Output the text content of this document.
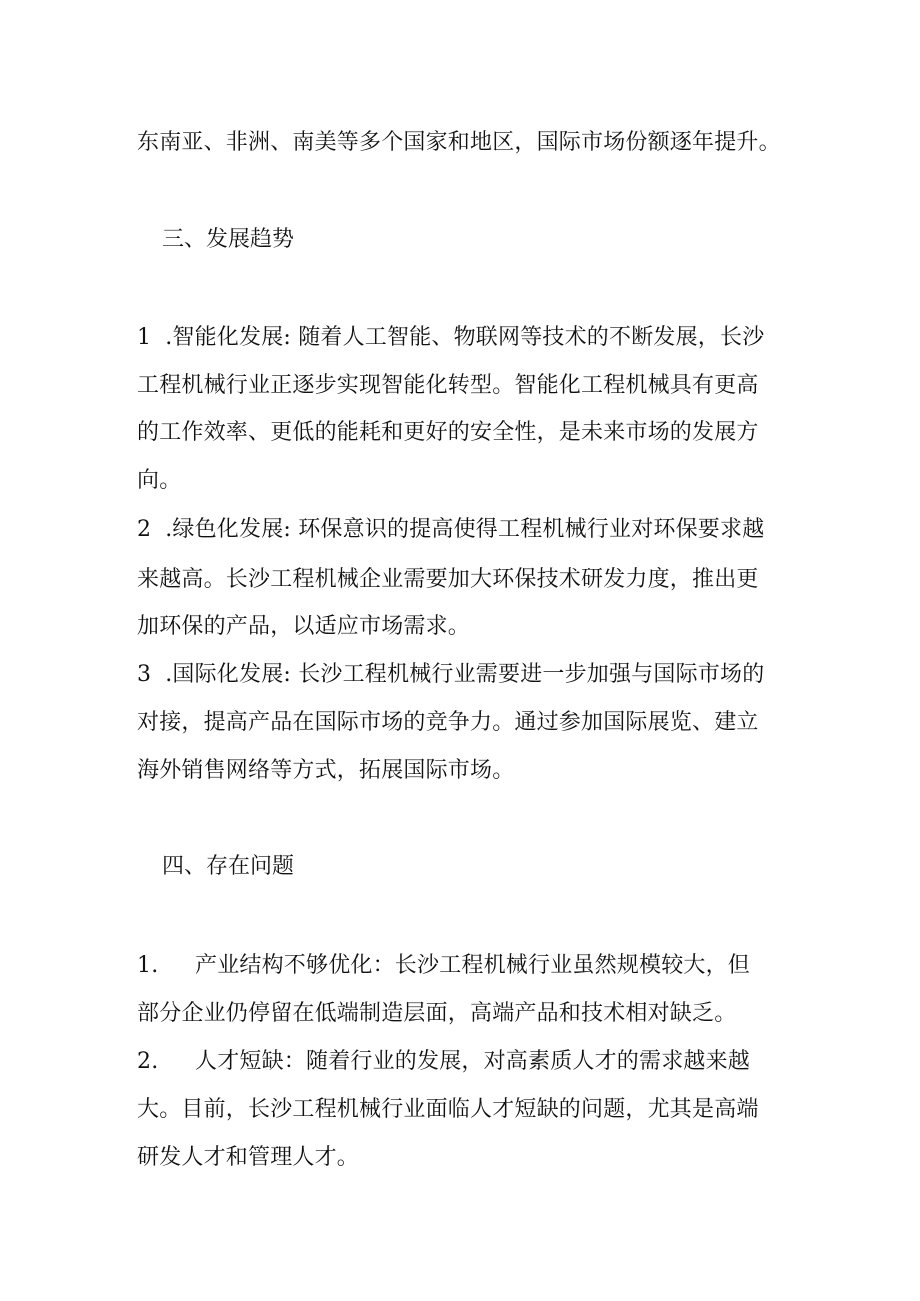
东南亚、非洲、南美等多个国家和地区，国际市场份额逐年提升。
三、发展趋势
1 .智能化发展: 随着人工智能、物联网等技术的不断发展，长沙
工程机械行业正逐步实现智能化转型。智能化工程机械具有更高
的工作效率、更低的能耗和更好的安全性，是未来市场的发展方
向。
2 .绿色化发展: 环保意识的提高使得工程机械行业对环保要求越
来越高。长沙工程机械企业需要加大环保技术研发力度，推出更
加环保的产品，以适应市场需求。
3 .国际化发展: 长沙工程机械行业需要进一步加强与国际市场的
对接，提高产品在国际市场的竞争力。通过参加国际展览、建立
海外销售网络等方式，拓展国际市场。
四、存在问题
1. 产业结构不够优化：长沙工程机械行业虽然规模较大，但
部分企业仍停留在低端制造层面，高端产品和技术相对缺乏。
2. 人才短缺：随着行业的发展，对高素质人才的需求越来越
大。目前，长沙工程机械行业面临人才短缺的问题，尤其是高端
研发人才和管理人才。
